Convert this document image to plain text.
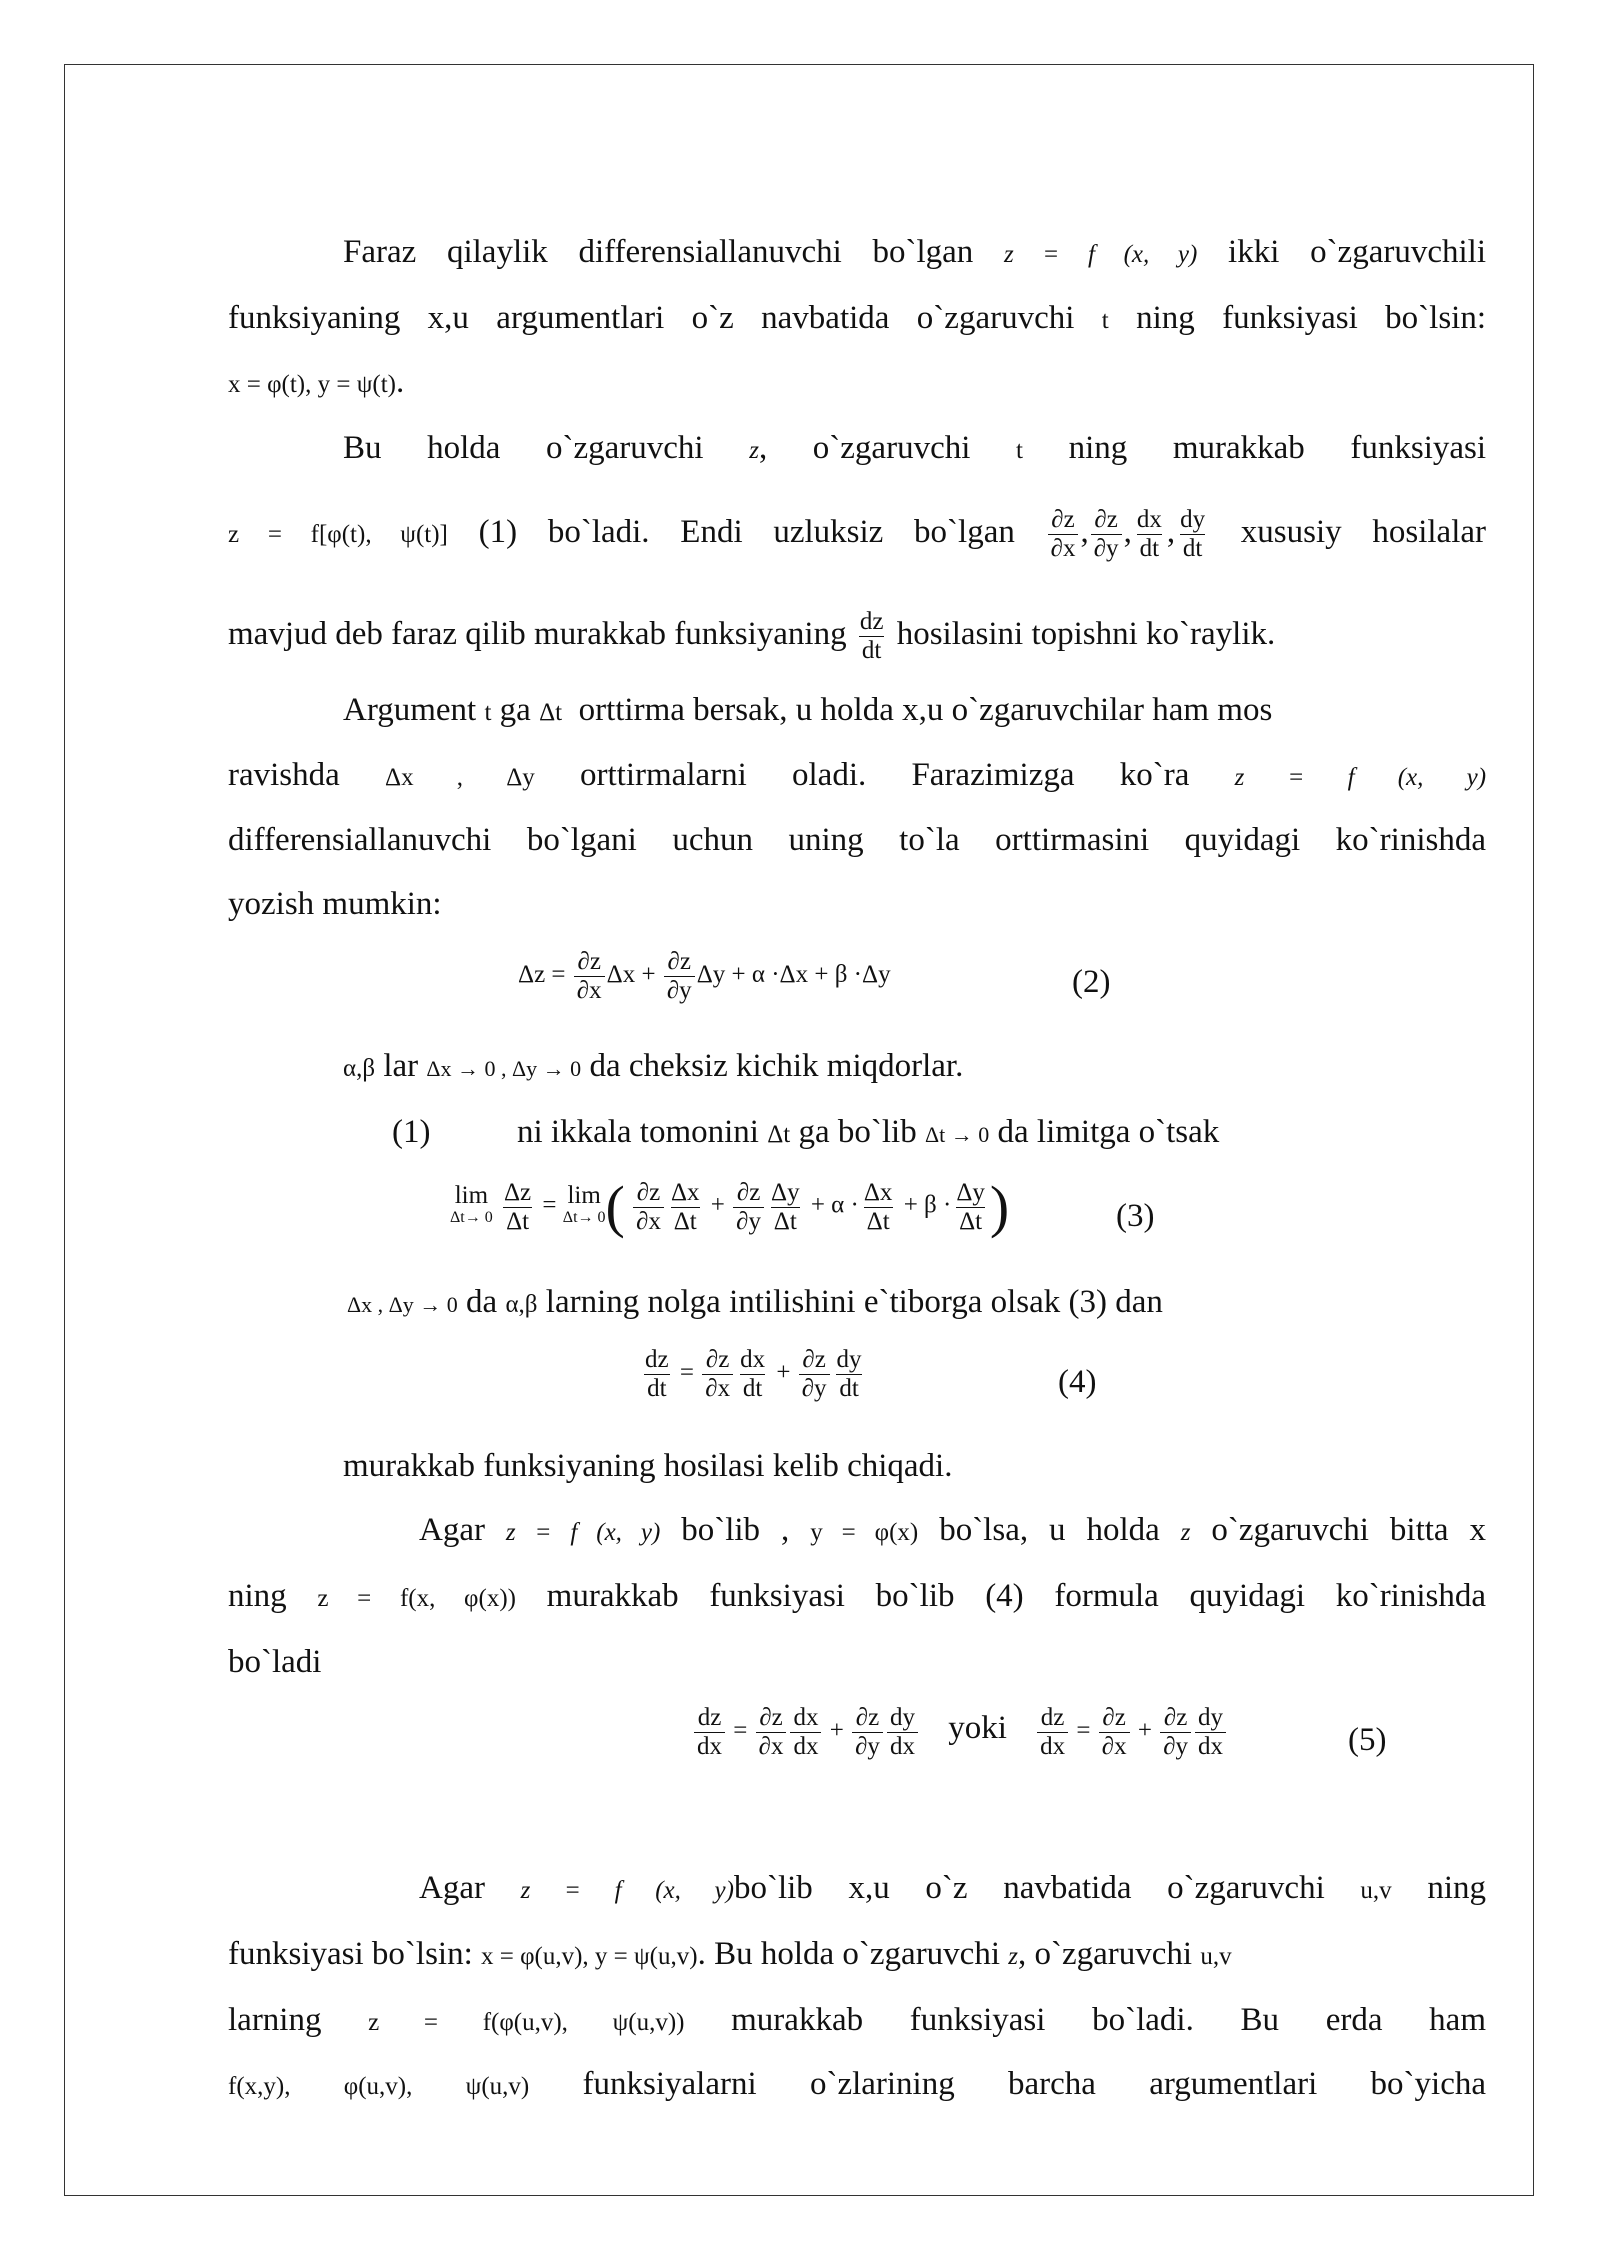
Faraz qilaylik differensiallanuvchi bo`lgan z = f (x, y) ikki o`zgaruvchili
funksiyaning x,u argumentlari o`z navbatida o`zgaruvchi t ning funksiyasi bo`lsin:
x = φ(t), y = ψ(t).
Bu holda o`zgaruvchi z, o`zgaruvchi t ning murakkab funksiyasi
z = f[φ(t), ψ(t)] (1) bo`ladi. Endi uzluksiz bo`lgan $\frac{\partial z}{\partial x}$ , $\frac{\partial z}{\partial y}$ , $\frac{dx}{dt}$ , $\frac{dy}{dt}$ xususiy hosilalar
mavjud deb faraz qilib murakkab funksiyaning $\frac{dz}{dt}$ hosilasini topishni ko`raylik.
Argument t ga Δt orttirma bersak, u holda x,u o`zgaruvchilar ham mos
ravishda Δx , Δy orttirmalarni oladi. Farazimizga ko`ra z = f (x, y)
differensiallanuvchi bo`lgani uchun uning to`la orttirmasini quyidagi ko`rinishda
yozish mumkin:
$\Delta z = \frac{\partial z}{\partial x}$ $\Delta x + \frac{\partial z}{\partial y}$ Δy + α ·Δx + β ·Δy	(2)
α,β lar Δx → 0 , Δy → 0 da cheksiz kichik miqdorlar.
(1)	ni ikkala tomonini Δt ga bo`lib Δt → 0 da limitga o`tsak
lim
Δt→ 0
$\frac{\Delta z}{\Delta t} = \lim$
Δt→ 0 ( $\frac{\partial z}{\partial x} \frac{\Delta x}{\Delta t} + \frac{\partial z}{\partial y} \frac{\Delta y}{\Delta t} + \alpha \cdot \frac{\Delta x}{\Delta t} + \beta \cdot \frac{\Delta y}{\Delta t}$ )	(3)
Δx , Δy → 0 da α,β larning nolga intilishini e`tiborga olsak (3) dan
$\frac{dz}{dt} = \frac{\partial z}{\partial x} \frac{dx}{dt} + \frac{\partial z}{\partial y} \frac{dy}{dt}$	(4)
murakkab funksiyaning hosilasi kelib chiqadi.
Agar z = f (x, y) bo`lib , y = φ(x) bo`lsa, u holda z o`zgaruvchi bitta x
ning z = f(x, φ(x)) murakkab funksiyasi bo`lib (4) formula quyidagi ko`rinishda
bo`ladi
$\frac{dz}{dx} = \frac{\partial z}{\partial x} \frac{dx}{dx} + \frac{\partial z}{\partial y} \frac{dy}{dx}$ yoki $\frac{dz}{dx} = \frac{\partial z}{\partial x} + \frac{\partial z}{\partial y} \frac{dy}{dx}$	(5)
Agar z = f (x, y)bo`lib x,u o`z navbatida o`zgaruvchi u,v ning
funksiyasi bo`lsin: x = φ(u,v), y = ψ(u,v). Bu holda o`zgaruvchi z, o`zgaruvchi u,v
larning z = f(φ(u,v), ψ(u,v)) murakkab funksiyasi bo`ladi. Bu erda ham
f(x,y), φ(u,v), ψ(u,v) funksiyalarni o`zlarining barcha argumentlari bo`yicha
